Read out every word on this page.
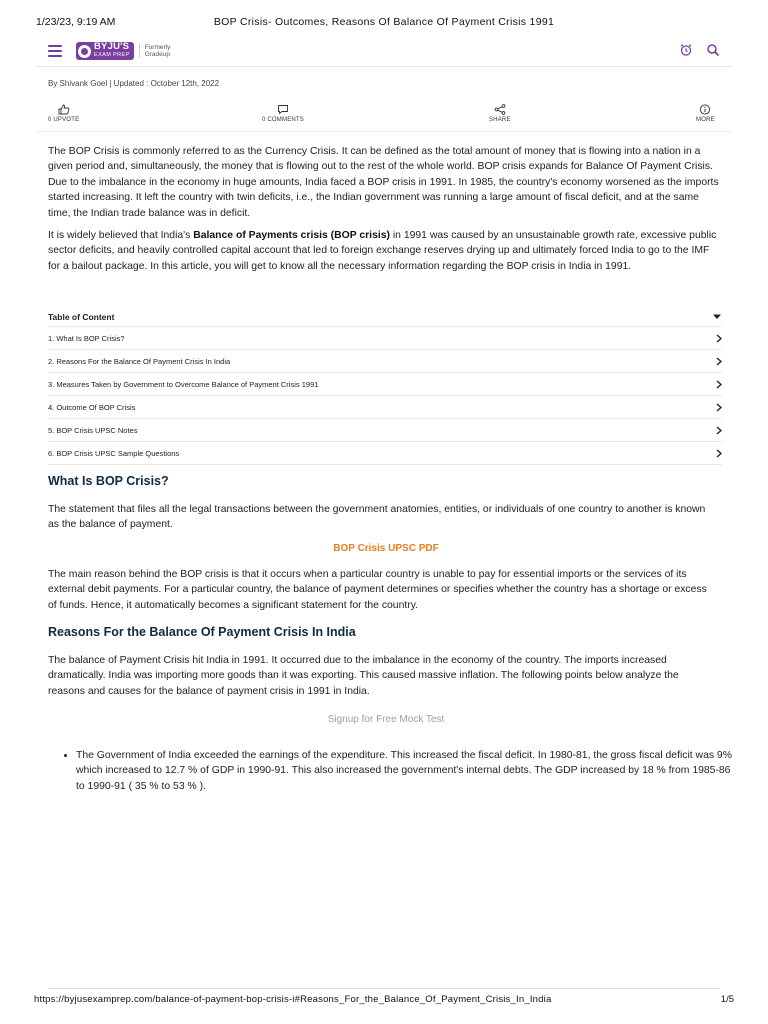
1/23/23, 9:19 AM	BOP Crisis- Outcomes, Reasons Of Balance Of Payment Crisis 1991
BYJU'S
EXAM PREP
Formerly
Gradeup
By Shivank Goel | Updated : October 12th, 2022
0 UPVOTE	0 COMMENTS	SHARE	MORE

The BOP Crisis is commonly referred to as the Currency Crisis. It can be defined as the total amount of money that is flowing into a nation in a given period and, simultaneously, the money that is flowing out to the rest of the whole world. BOP crisis expands for Balance Of Payment Crisis. Due to the imbalance in the economy in huge amounts, India faced a BOP crisis in 1991. In 1985, the country's economy worsened as the imports started increasing. It left the country with twin deficits, i.e., the Indian government was running a large amount of fiscal deficit, and at the same time, the Indian trade balance was in deficit.

It is widely believed that India's Balance of Payments crisis (BOP crisis) in 1991 was caused by an unsustainable growth rate, excessive public sector deficits, and heavily controlled capital account that led to foreign exchange reserves drying up and ultimately forced India to go to the IMF for a bailout package. In this article, you will get to know all the necessary information regarding the BOP crisis in India in 1991.

Table of Content
1. What Is BOP Crisis?
2. Reasons For the Balance Of Payment Crisis In India
3. Measures Taken by Government to Overcome Balance of Payment Crisis 1991
4. Outcome Of BOP Crisis
5. BOP Crisis UPSC Notes
6. BOP Crisis UPSC Sample Questions
What Is BOP Crisis?

The statement that files all the legal transactions between the government anatomies, entities, or individuals of one country to another is known as the balance of payment.

BOP Crisis UPSC PDF

The main reason behind the BOP crisis is that it occurs when a particular country is unable to pay for essential imports or the services of its external debit payments. For a particular country, the balance of payment determines or specifies whether the country has a shortage or excess of funds. Hence, it automatically becomes a significant statement for the country.

Reasons For the Balance Of Payment Crisis In India

The balance of Payment Crisis hit India in 1991. It occurred due to the imbalance in the economy of the country. The imports increased dramatically. India was importing more goods than it was exporting. This caused massive inflation. The following points below analyze the reasons and causes for the balance of payment crisis in 1991 in India.

Signup for Free Mock Test
• The Government of India exceeded the earnings of the expenditure. This increased the fiscal deficit. In 1980-81, the gross fiscal deficit was 9% which increased to 12.7 % of GDP in 1990-91. This also increased the government's internal debts. The GDP increased by 18 % from 1985-86 to 1990-91 ( 35 % to 53 % ).
https://byjusexamprep.com/balance-of-payment-bop-crisis-i#Reasons_For_the_Balance_Of_Payment_Crisis_In_India	1/5
